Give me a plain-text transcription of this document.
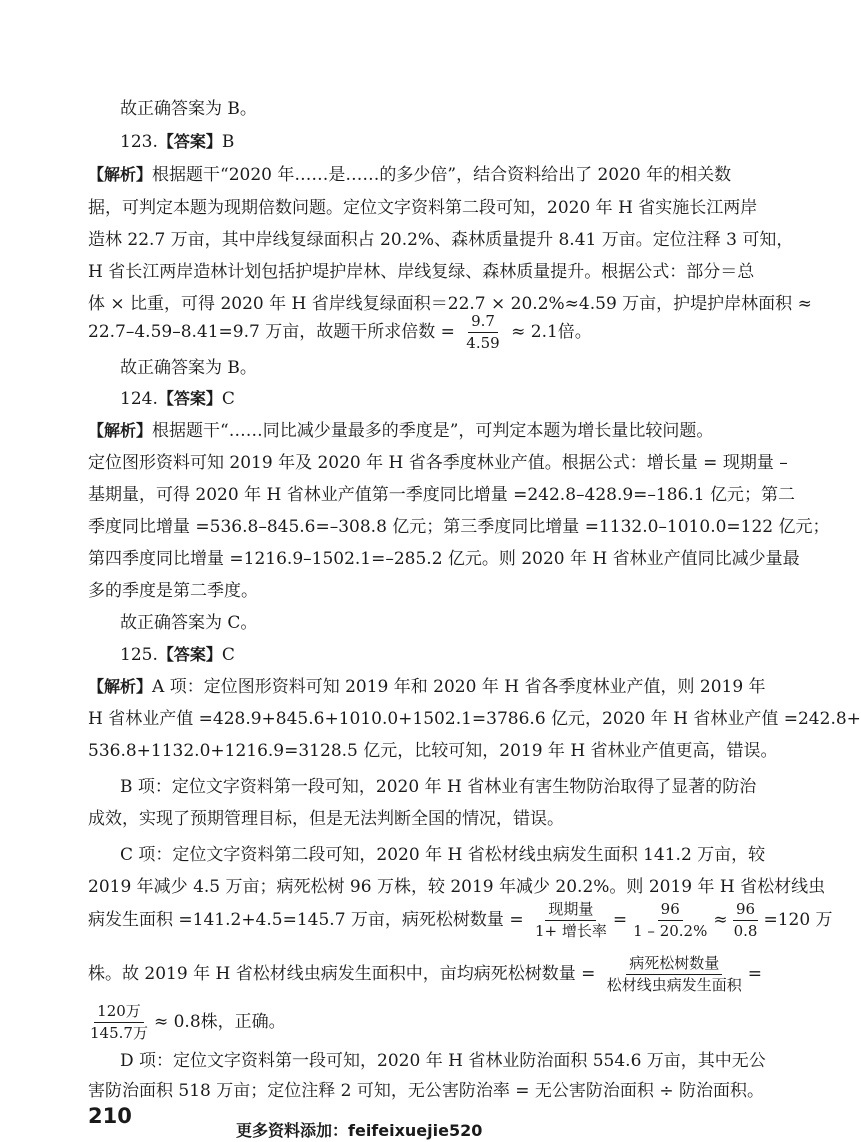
故正确答案为 B。
123.【答案】B
【解析】根据题干“2020 年……是……的多少倍”，结合资料给出了 2020 年的相关数
据，可判定本题为现期倍数问题。定位文字资料第二段可知，2020 年 H 省实施长江两岸
造林 22.7 万亩，其中岸线复绿面积占 20.2%、森林质量提升 8.41 万亩。定位注释 3 可知，
H 省长江两岸造林计划包括护堤护岸林、岸线复绿、森林质量提升。根据公式：部分＝总
体 × 比重，可得 2020 年 H 省岸线复绿面积＝22.7 × 20.2%≈4.59 万亩，护堤护岸林面积 ≈
22.7–4.59–8.41=9.7 万亩，故题干所求倍数 = $\frac{9.7}{4.59} \approx 2.1$倍。
故正确答案为 B。
124.【答案】C
【解析】根据题干“……同比减少量最多的季度是”，可判定本题为增长量比较问题。
定位图形资料可知 2019 年及 2020 年 H 省各季度林业产值。根据公式：增长量 = 现期量 –
基期量，可得 2020 年 H 省林业产值第一季度同比增量 =242.8–428.9=–186.1 亿元；第二
季度同比增量 =536.8–845.6=–308.8 亿元；第三季度同比增量 =1132.0–1010.0=122 亿元；
第四季度同比增量 =1216.9–1502.1=–285.2 亿元。则 2020 年 H 省林业产值同比减少量最
多的季度是第二季度。
故正确答案为 C。
125.【答案】C
【解析】A 项：定位图形资料可知 2019 年和 2020 年 H 省各季度林业产值，则 2019 年
H 省林业产值 =428.9+845.6+1010.0+1502.1=3786.6 亿元，2020 年 H 省林业产值 =242.8+
536.8+1132.0+1216.9=3128.5 亿元，比较可知，2019 年 H 省林业产值更高，错误。
B 项：定位文字资料第一段可知，2020 年 H 省林业有害生物防治取得了显著的防治
成效，实现了预期管理目标，但是无法判断全国的情况，错误。
C 项：定位文字资料第二段可知，2020 年 H 省松材线虫病发生面积 141.2 万亩，较
2019 年减少 4.5 万亩；病死松树 96 万株，较 2019 年减少 20.2%。则 2019 年 H 省松材线虫
病发生面积 =141.2+4.5=145.7 万亩，病死松树数量 = $\frac{\text{现期量}}{\text{1+ 增长率}} = \frac{96}{1 - 20.2\%} \approx \frac{96}{0.8} =120$ 万
株。故 2019 年 H 省松材线虫病发生面积中，亩均病死松树数量 = $\frac{\text{病死松树数量}}{\text{松材线虫病发生面积}}$ =
$\frac{\text{120万}}{\text{145.7万}} \approx 0.8$株，正确。
D 项：定位文字资料第一段可知，2020 年 H 省林业防治面积 554.6 万亩，其中无公
害防治面积 518 万亩；定位注释 2 可知，无公害防治率 = 无公害防治面积 ÷ 防治面积。
210
更多资料添加：feifeixuejie520
